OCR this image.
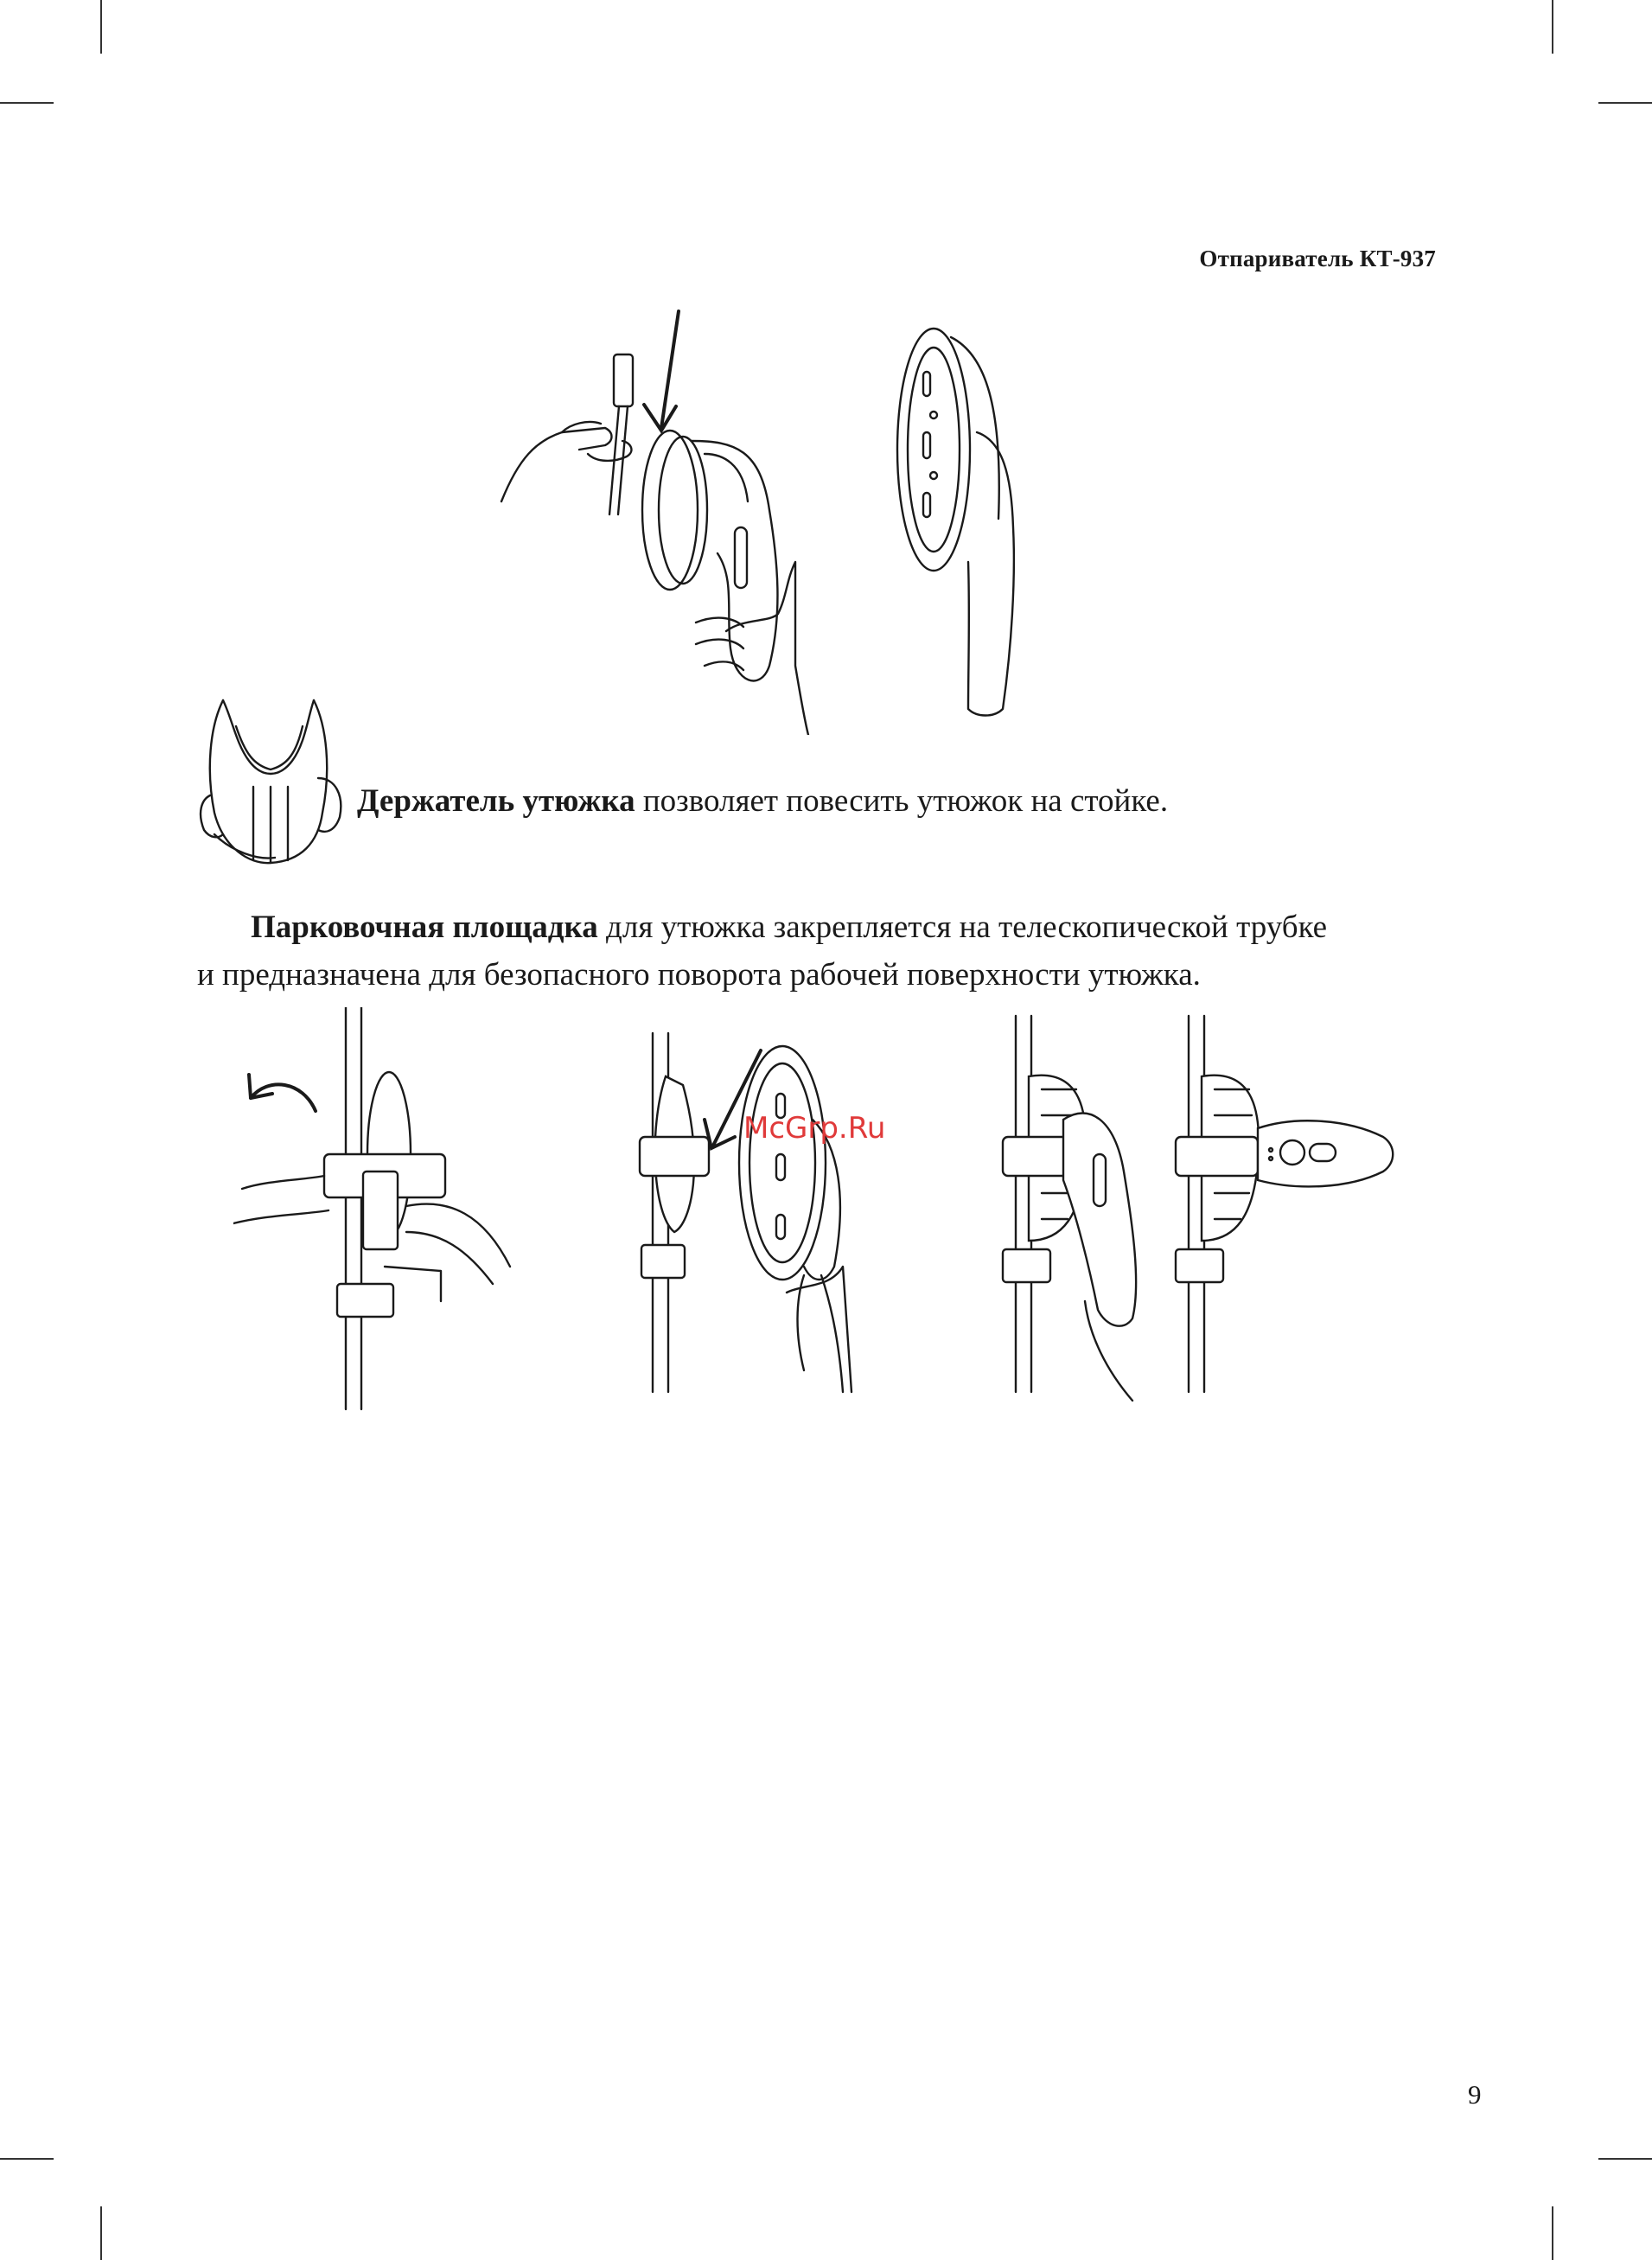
Отпариватель КТ-937
Держатель утюжка позволяет повесить утюжок на стойке.

Парковочная площадка для утюжка закрепляется на телескопической трубке

и предназначена для безопасного поворота рабочей поверхности утюжка.

McGrp.Ru
9
